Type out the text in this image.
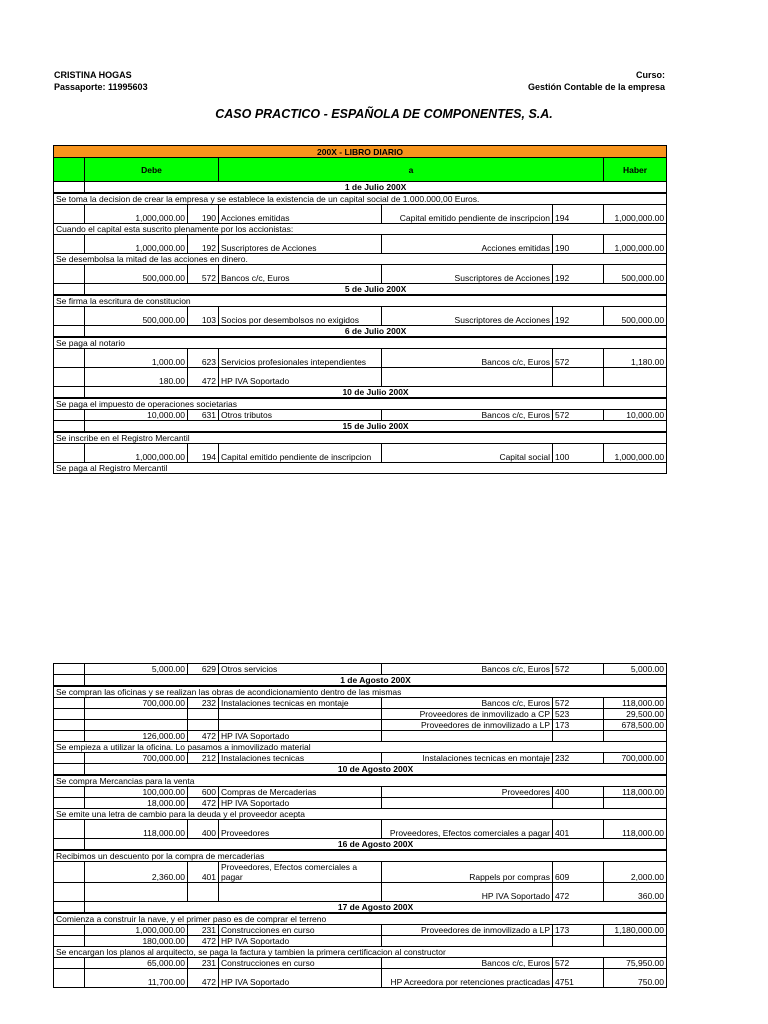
CRISTINA HOGAS
Passaporte: 11995603
Curso:
Gestión Contable de la empresa
CASO PRACTICO - ESPAÑOLA DE COMPONENTES, S.A.
200X - LIBRO DIARIO						
	Debe		a			Haber
	1 de Julio 200X					
Se toma la decision de crear la empresa y se establece la existencia de un capital social de 1.000.000,00 Euros.						
	1,000,000.00	190	Acciones emitidas	Capital emitido pendiente de inscripcion	194	1,000,000.00
Cuando el capital esta suscrito plenamente por los accionistas:						
	1,000,000.00	192	Suscriptores de Acciones	Acciones emitidas	190	1,000,000.00
Se desembolsa la mitad de las acciones en dinero.						
	500,000.00	572	Bancos c/c, Euros	Suscriptores de Acciones	192	500,000.00
	5 de Julio 200X					
Se firma la escritura de constitucion						
	500,000.00	103	Socios por desembolsos no exigidos	Suscriptores de Acciones	192	500,000.00
	6 de Julio 200X					
Se paga al notario						
	1,000.00	623	Servicios profesionales intependientes	Bancos c/c, Euros	572	1,180.00
	180.00	472	HP IVA Soportado			
	10 de Julio 200X					
Se paga el impuesto de operaciones societarias						
	10,000.00	631	Otros tributos	Bancos c/c, Euros	572	10,000.00
	15 de Julio 200X					
Se inscribe en el Registro Mercantil						
	1,000,000.00	194	Capital emitido pendiente de inscripcion	Capital social	100	1,000,000.00
Se paga al Registro Mercantil						
	5,000.00	629	Otros servicios	Bancos c/c, Euros	572	5,000.00
	1 de Agosto 200X					
Se compran las oficinas y se realizan las obras de acondicionamiento dentro de las mismas						
	700,000.00	232	Instalaciones tecnicas en montaje	Bancos c/c, Euros	572	118,000.00
				Proveedores de inmovilizado a CP	523	29,500.00
				Proveedores de inmovilizado a LP	173	678,500.00
	126,000.00	472	HP IVA Soportado			
Se empieza a utilizar la oficina. Lo pasamos a inmovilizado material						
	700,000.00	212	Instalaciones tecnicas	Instalaciones tecnicas en montaje	232	700,000.00
	10 de Agosto 200X					
Se compra Mercancias para la venta						
	100,000.00	600	Compras de Mercaderias	Proveedores	400	118,000.00
	18,000.00	472	HP IVA Soportado			
Se emite una letra de cambio para la deuda y el proveedor acepta						
	118,000.00	400	Proveedores	Proveedores, Efectos comerciales a pagar	401	118,000.00
	16 de Agosto 200X					
Recibimos un descuento por la compra de mercaderias						
	2,360.00	401	Proveedores, Efectos comerciales a pagar	Rappels por compras	609	2,000.00
				HP IVA Soportado	472	360.00
	17 de Agosto 200X					
Comienza a construir la nave, y el primer paso es de comprar el terreno						
	1,000,000.00	231	Construcciones en curso	Proveedores de inmovilizado a LP	173	1,180,000.00
	180,000.00	472	HP IVA Soportado			
Se encargan los planos al arquitecto, se paga la factura y tambien la primera certificacion al constructor						
	65,000.00	231	Construcciones en curso	Bancos c/c, Euros	572	75,950.00
	11,700.00	472	HP IVA Soportado	HP Acreedora por retenciones practicadas	4751	750.00
